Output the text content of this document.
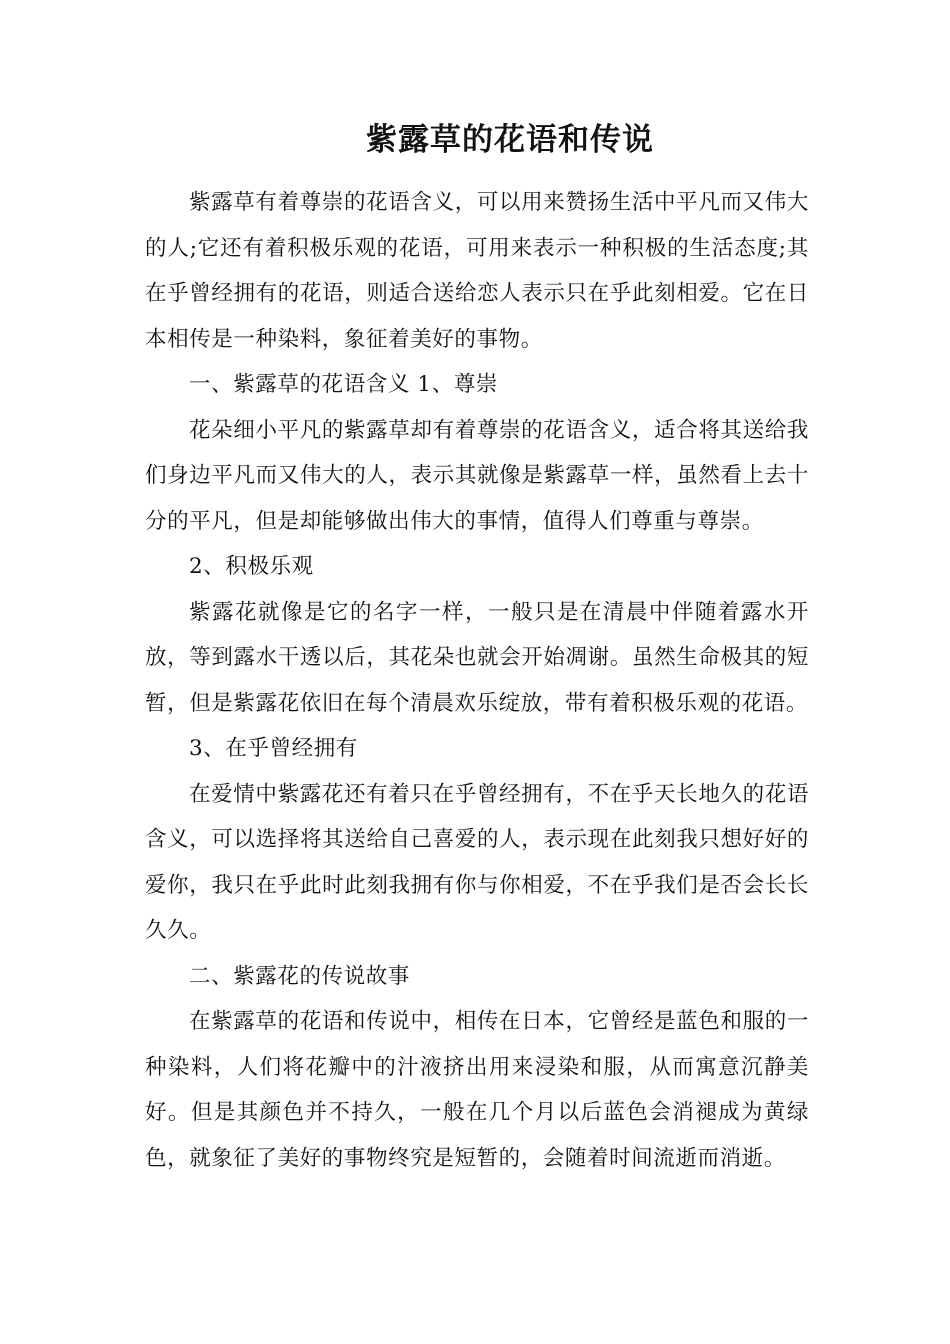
紫露草的花语和传说

紫露草有着尊崇的花语含义，可以用来赞扬生活中平凡而又伟大的人;它还有着积极乐观的花语，可用来表示一种积极的生活态度;其在乎曾经拥有的花语，则适合送给恋人表示只在乎此刻相爱。它在日本相传是一种染料，象征着美好的事物。

一、紫露草的花语含义 1、尊崇

花朵细小平凡的紫露草却有着尊崇的花语含义，适合将其送给我们身边平凡而又伟大的人，表示其就像是紫露草一样，虽然看上去十分的平凡，但是却能够做出伟大的事情，值得人们尊重与尊崇。

2、积极乐观

紫露花就像是它的名字一样，一般只是在清晨中伴随着露水开放，等到露水干透以后，其花朵也就会开始凋谢。虽然生命极其的短暂，但是紫露花依旧在每个清晨欢乐绽放，带有着积极乐观的花语。

3、在乎曾经拥有

在爱情中紫露花还有着只在乎曾经拥有，不在乎天长地久的花语含义，可以选择将其送给自己喜爱的人，表示现在此刻我只想好好的爱你，我只在乎此时此刻我拥有你与你相爱，不在乎我们是否会长长久久。

二、紫露花的传说故事

在紫露草的花语和传说中，相传在日本，它曾经是蓝色和服的一种染料，人们将花瓣中的汁液挤出用来浸染和服，从而寓意沉静美好。但是其颜色并不持久，一般在几个月以后蓝色会消褪成为黄绿色，就象征了美好的事物终究是短暂的，会随着时间流逝而消逝。
